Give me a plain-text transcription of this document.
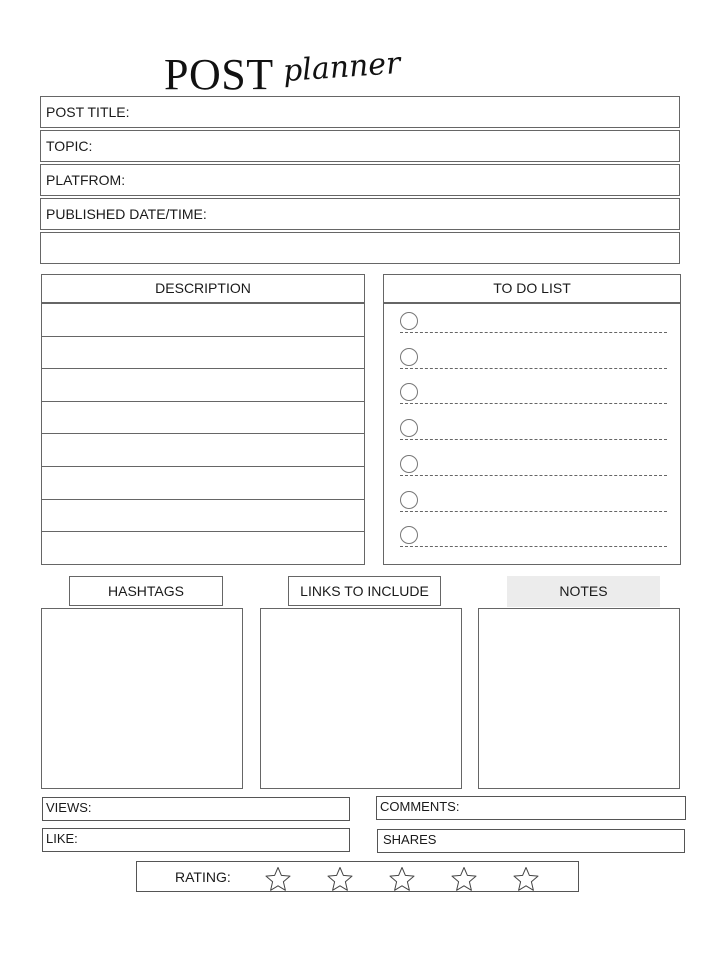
POST planner
POST TITLE:
TOPIC:
PLATFROM:
PUBLISHED DATE/TIME:
DESCRIPTION	TO DO LIST
HASHTAGS	LINKS TO INCLUDE	NOTES
VIEWS:	COMMENTS:
LIKE:	SHARES
RATING:
